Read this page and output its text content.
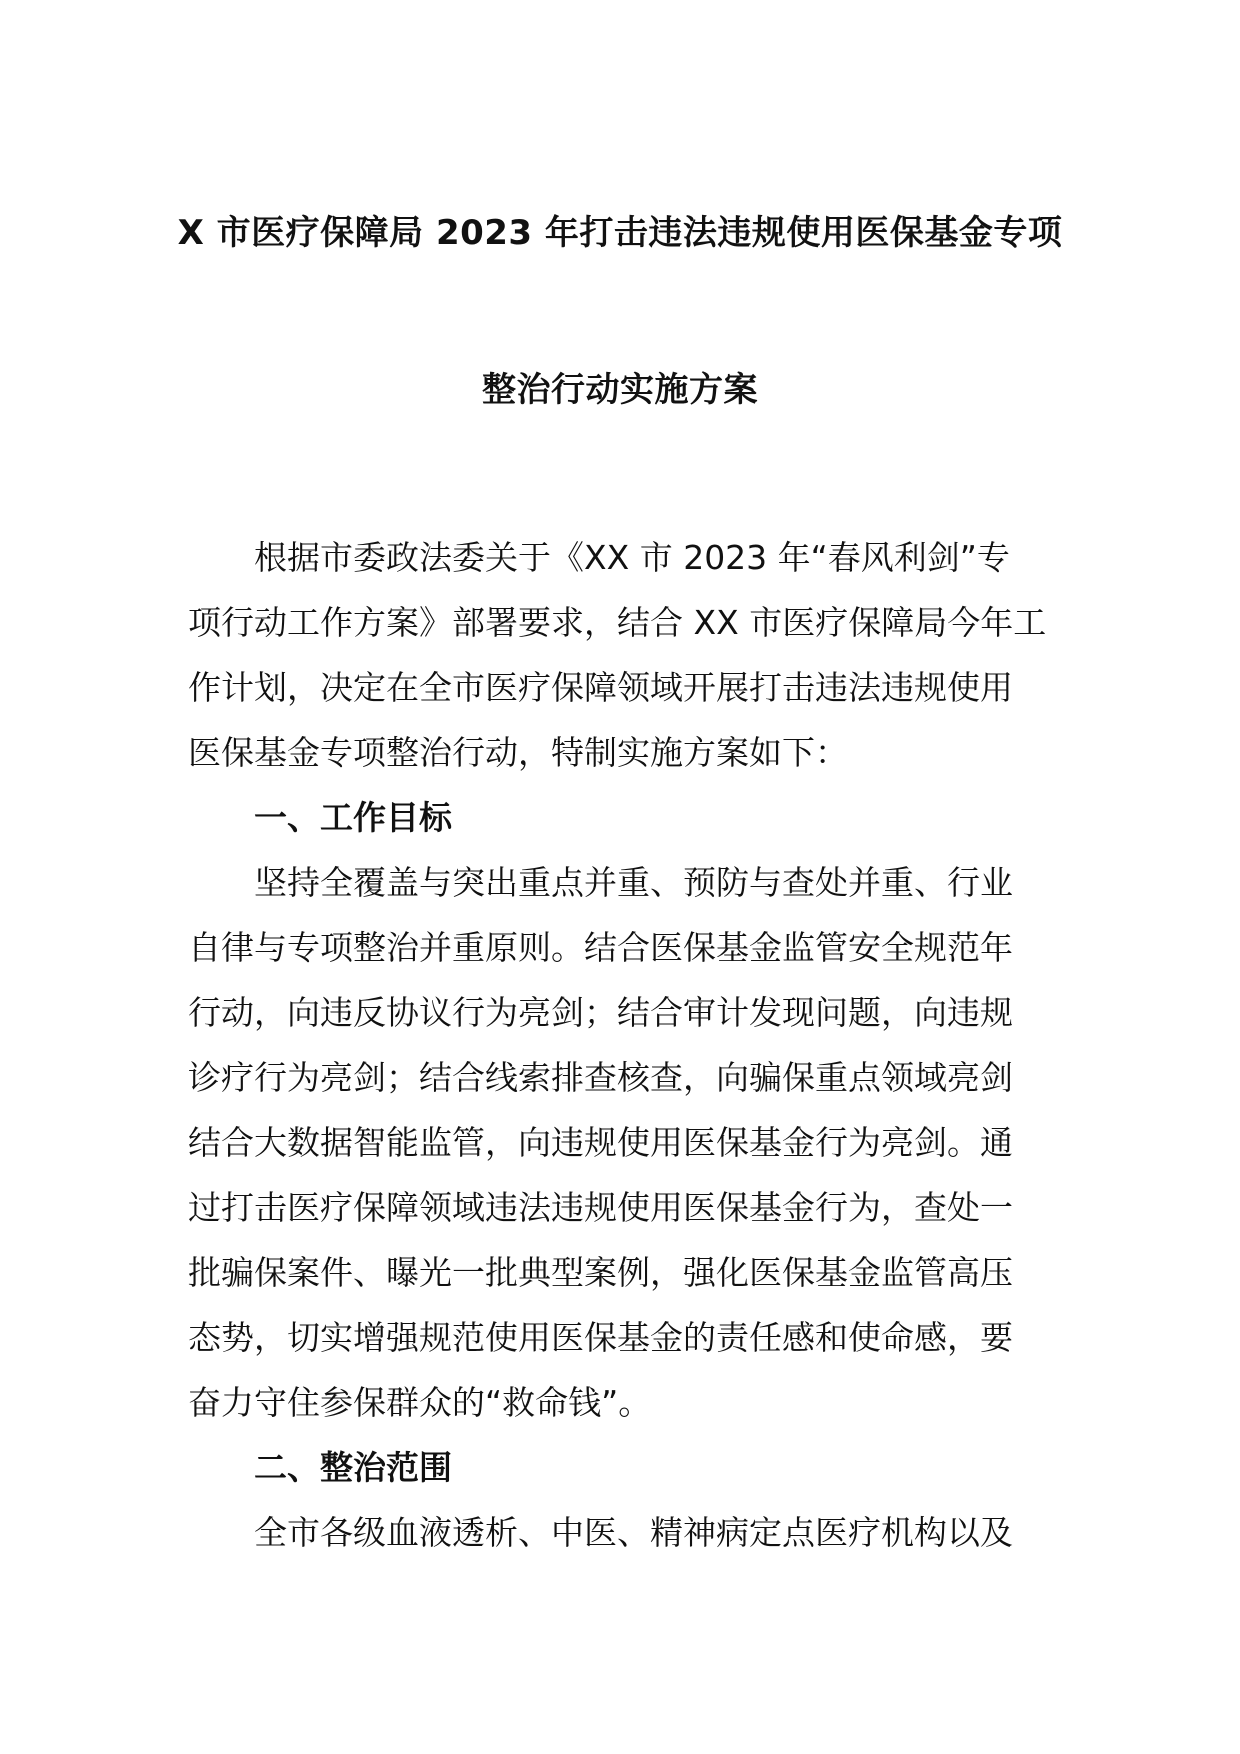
X 市医疗保障局 2023 年打击违法违规使用医保基金专项
整治行动实施方案
根据市委政法委关于《XX 市 2023 年“春风利剑”专
项行动工作方案》部署要求，结合 XX 市医疗保障局今年工
作计划，决定在全市医疗保障领域开展打击违法违规使用
医保基金专项整治行动，特制实施方案如下：
一、工作目标
坚持全覆盖与突出重点并重、预防与查处并重、行业
自律与专项整治并重原则。结合医保基金监管安全规范年
行动，向违反协议行为亮剑；结合审计发现问题，向违规
诊疗行为亮剑；结合线索排查核查，向骗保重点领域亮剑
结合大数据智能监管，向违规使用医保基金行为亮剑。通
过打击医疗保障领域违法违规使用医保基金行为，查处一
批骗保案件、曝光一批典型案例，强化医保基金监管高压
态势，切实增强规范使用医保基金的责任感和使命感，要
奋力守住参保群众的“救命钱”。
二、整治范围
全市各级血液透析、中医、精神病定点医疗机构以及
